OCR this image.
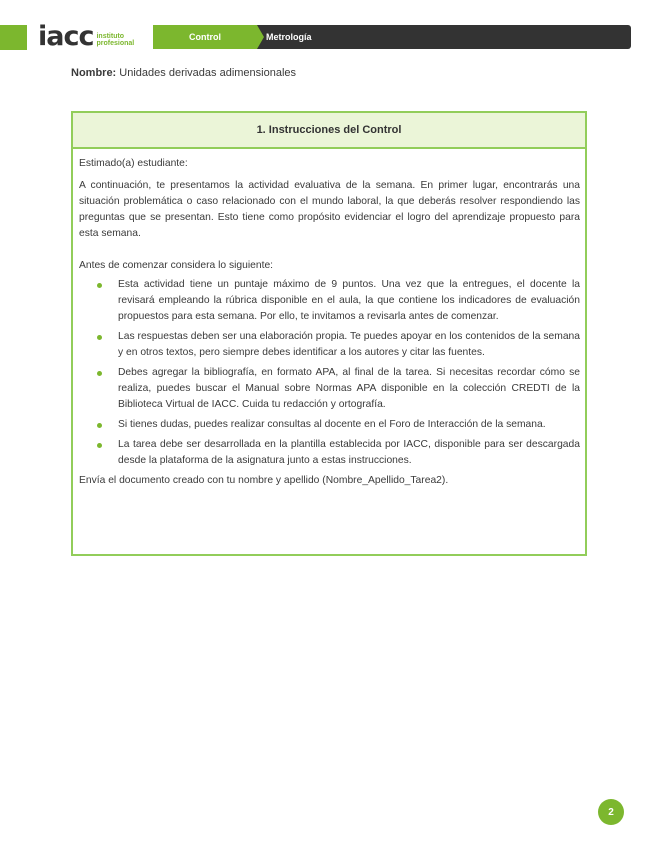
iacc instituto
profesional
Control	Metrología
Nombre: Unidades derivadas adimensionales
1. Instrucciones del Control

Estimado(a) estudiante:

A continuación, te presentamos la actividad evaluativa de la semana. En primer lugar, encontrarás una situación problemática o caso relacionado con el mundo laboral, la que deberás resolver respondiendo las preguntas que se presentan. Esto tiene como propósito evidenciar el logro del aprendizaje propuesto para esta semana.

Antes de comenzar considera lo siguiente:

Esta actividad tiene un puntaje máximo de 9 puntos. Una vez que la entregues, el docente la revisará empleando la rúbrica disponible en el aula, la que contiene los indicadores de evaluación propuestos para esta semana. Por ello, te invitamos a revisarla antes de comenzar.
Las respuestas deben ser una elaboración propia. Te puedes apoyar en los contenidos de la semana y en otros textos, pero siempre debes identificar a los autores y citar las fuentes.
Debes agregar la bibliografía, en formato APA, al final de la tarea. Si necesitas recordar cómo se realiza, puedes buscar el Manual sobre Normas APA disponible en la colección CREDTI de la Biblioteca Virtual de IACC. Cuida tu redacción y ortografía.
Si tienes dudas, puedes realizar consultas al docente en el Foro de Interacción de la semana.
La tarea debe ser desarrollada en la plantilla establecida por IACC, disponible para ser descargada desde la plataforma de la asignatura junto a estas instrucciones.

Envía el documento creado con tu nombre y apellido (Nombre_Apellido_Tarea2).

2
